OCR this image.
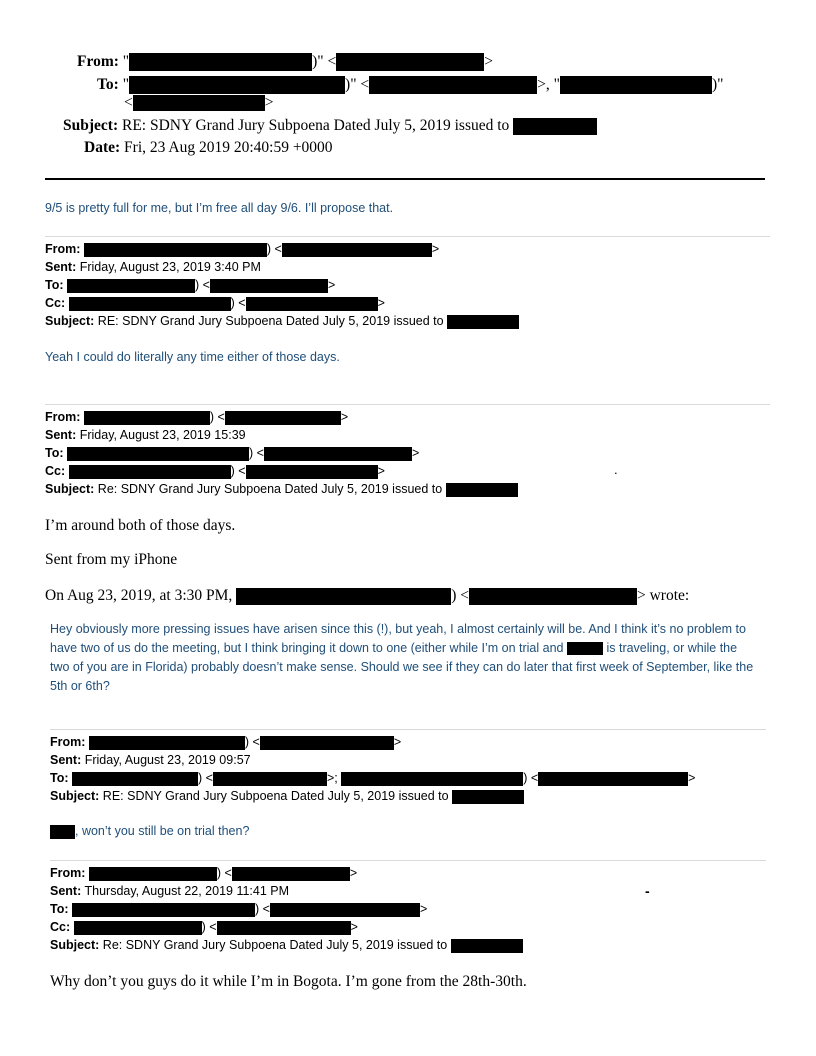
From: "	)" <	>
To: "	)" <	>, "	)"
<	>
Subject: RE: SDNY Grand Jury Subpoena Dated July 5, 2019 issued to
Date: Fri, 23 Aug 2019 20:40:59 +0000
9/5 is pretty full for me, but I’m free all day 9/6. I’ll propose that.
From:	) <	>
Sent: Friday, August 23, 2019 3:40 PM
To:	) <	>
Cc:	) <	>
Subject: RE: SDNY Grand Jury Subpoena Dated July 5, 2019 issued to
Yeah I could do literally any time either of those days.
From:	) <	>
Sent: Friday, August 23, 2019 15:39
To:	) <	>
Cc:	) <	>
Subject: Re: SDNY Grand Jury Subpoena Dated July 5, 2019 issued to
.
I’m around both of those days.
Sent from my iPhone
On Aug 23, 2019, at 3:30 PM,	) <	> wrote:
Hey obviously more pressing issues have arisen since this (!), but yeah, I almost certainly will be. And I think it’s no problem to have two of us do the meeting, but I think bringing it down to one (either while I’m on trial and	is traveling, or while the two of you are in Florida) probably doesn’t make sense. Should we see if they can do later that first week of September, like the 5th or 6th?
From:	) <	>
Sent: Friday, August 23, 2019 09:57
To:	) <	>;	) <	>
Subject: RE: SDNY Grand Jury Subpoena Dated July 5, 2019 issued to
, won’t you still be on trial then?
From:	) <	>
Sent: Thursday, August 22, 2019 11:41 PM
To:	) <	>
Cc:	) <	>
Subject: Re: SDNY Grand Jury Subpoena Dated July 5, 2019 issued to
-
Why don’t you guys do it while I’m in Bogota. I’m gone from the 28th-30th.
